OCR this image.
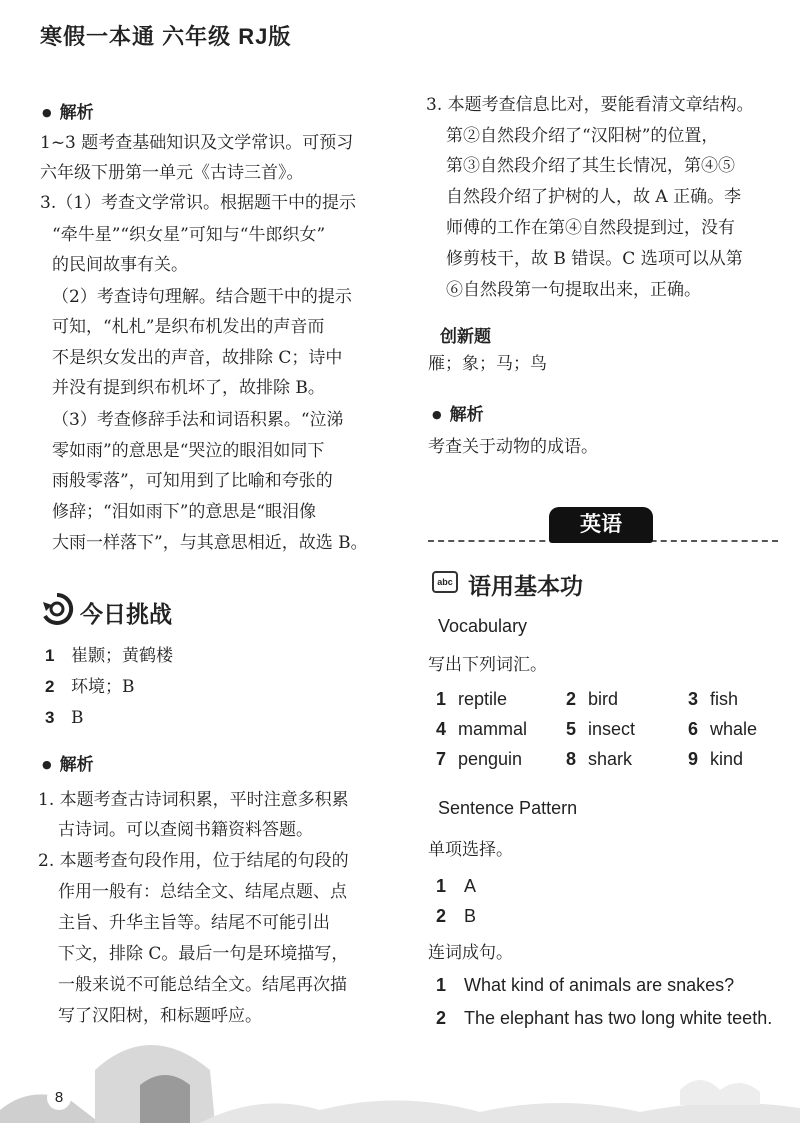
寒假一本通 六年级 RJ版
● 解析
1~3 题考查基础知识及文学常识。可预习
六年级下册第一单元《古诗三首》。
3.（1）考查文学常识。根据题干中的提示
“牵牛星”“织女星”可知与“牛郎织女”
的民间故事有关。
（2）考查诗句理解。结合题干中的提示
可知，“札札”是织布机发出的声音而
不是织女发出的声音，故排除 C；诗中
并没有提到织布机坏了，故排除 B。
（3）考查修辞手法和词语积累。“泣涕
零如雨”的意思是“哭泣的眼泪如同下
雨般零落”，可知用到了比喻和夸张的
修辞；“泪如雨下”的意思是“眼泪像
大雨一样落下”，与其意思相近，故选 B。
今日挑战
1 崔颢；黄鹤楼
2 环境；B
3 B
● 解析
1. 本题考查古诗词积累，平时注意多积累
古诗词。可以查阅书籍资料答题。
2. 本题考查句段作用，位于结尾的句段的
作用一般有：总结全文、结尾点题、点
主旨、升华主旨等。结尾不可能引出
下文，排除 C。最后一句是环境描写，
一般来说不可能总结全文。结尾再次描
写了汉阳树，和标题呼应。
3. 本题考查信息比对，要能看清文章结构。
第②自然段介绍了“汉阳树”的位置，
第③自然段介绍了其生长情况，第④⑤
自然段介绍了护树的人，故 A 正确。李
师傅的工作在第④自然段提到过，没有
修剪枝干，故 B 错误。C 选项可以从第
⑥自然段第一句提取出来，正确。
创新题
雁；象；马；鸟
● 解析
考查关于动物的成语。
英语
abc 语用基本功
Vocabulary
写出下列词汇。
1 reptile	2 bird	3 fish
4 mammal 5 insect	6 whale
7 penguin 8 shark	9 kind
Sentence Pattern
单项选择。
1 A
2 B
连词成句。
1 What kind of animals are snakes?
2 The elephant has two long white teeth.
8
